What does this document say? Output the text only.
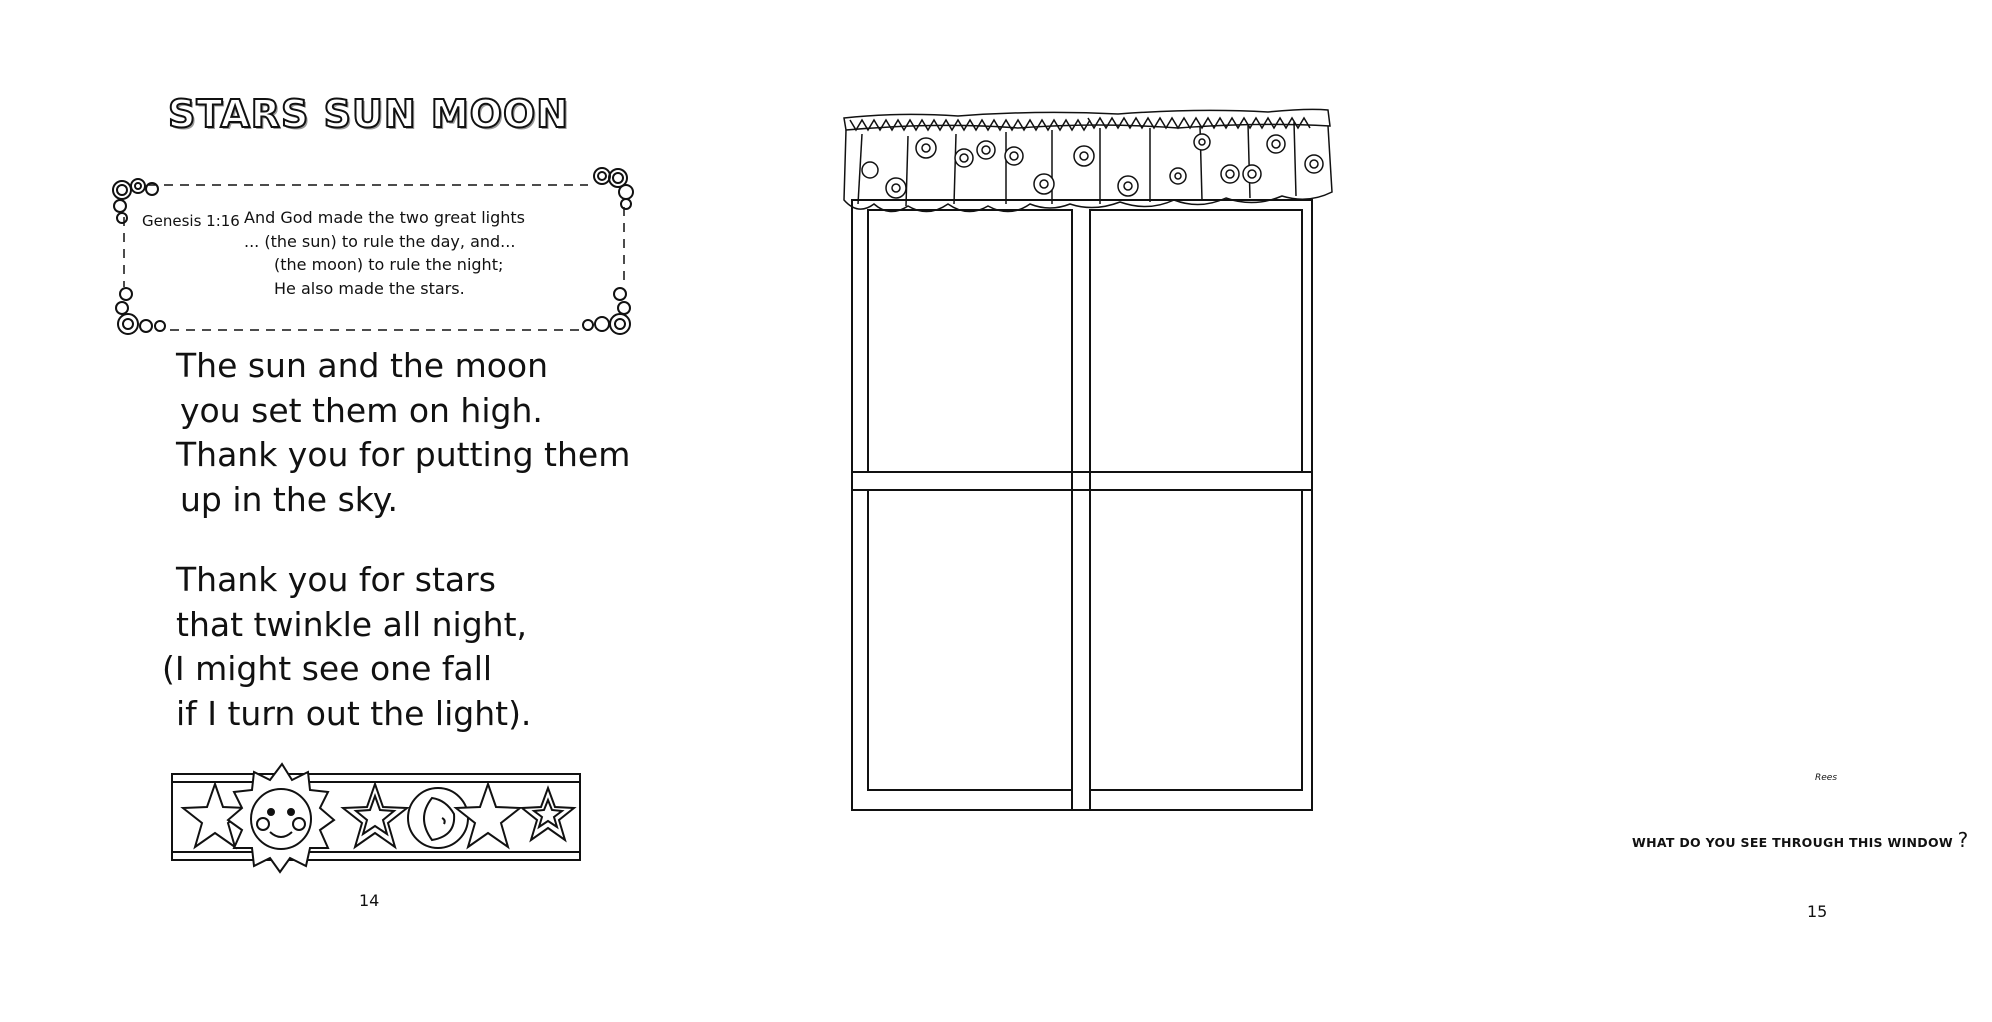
STARS SUN MOON
Genesis 1:16 And God made the two great lights
... (the sun) to rule the day, and...
(the moon) to rule the night;
He also made the stars.
The sun and the moon
you set them on high.
Thank you for putting them
up in the sky.
Thank you for stars
that twinkle all night,
(I might see one fall
if I turn out the light).
14
Rees
WHAT DO YOU SEE THROUGH THIS WINDOW ?
15
